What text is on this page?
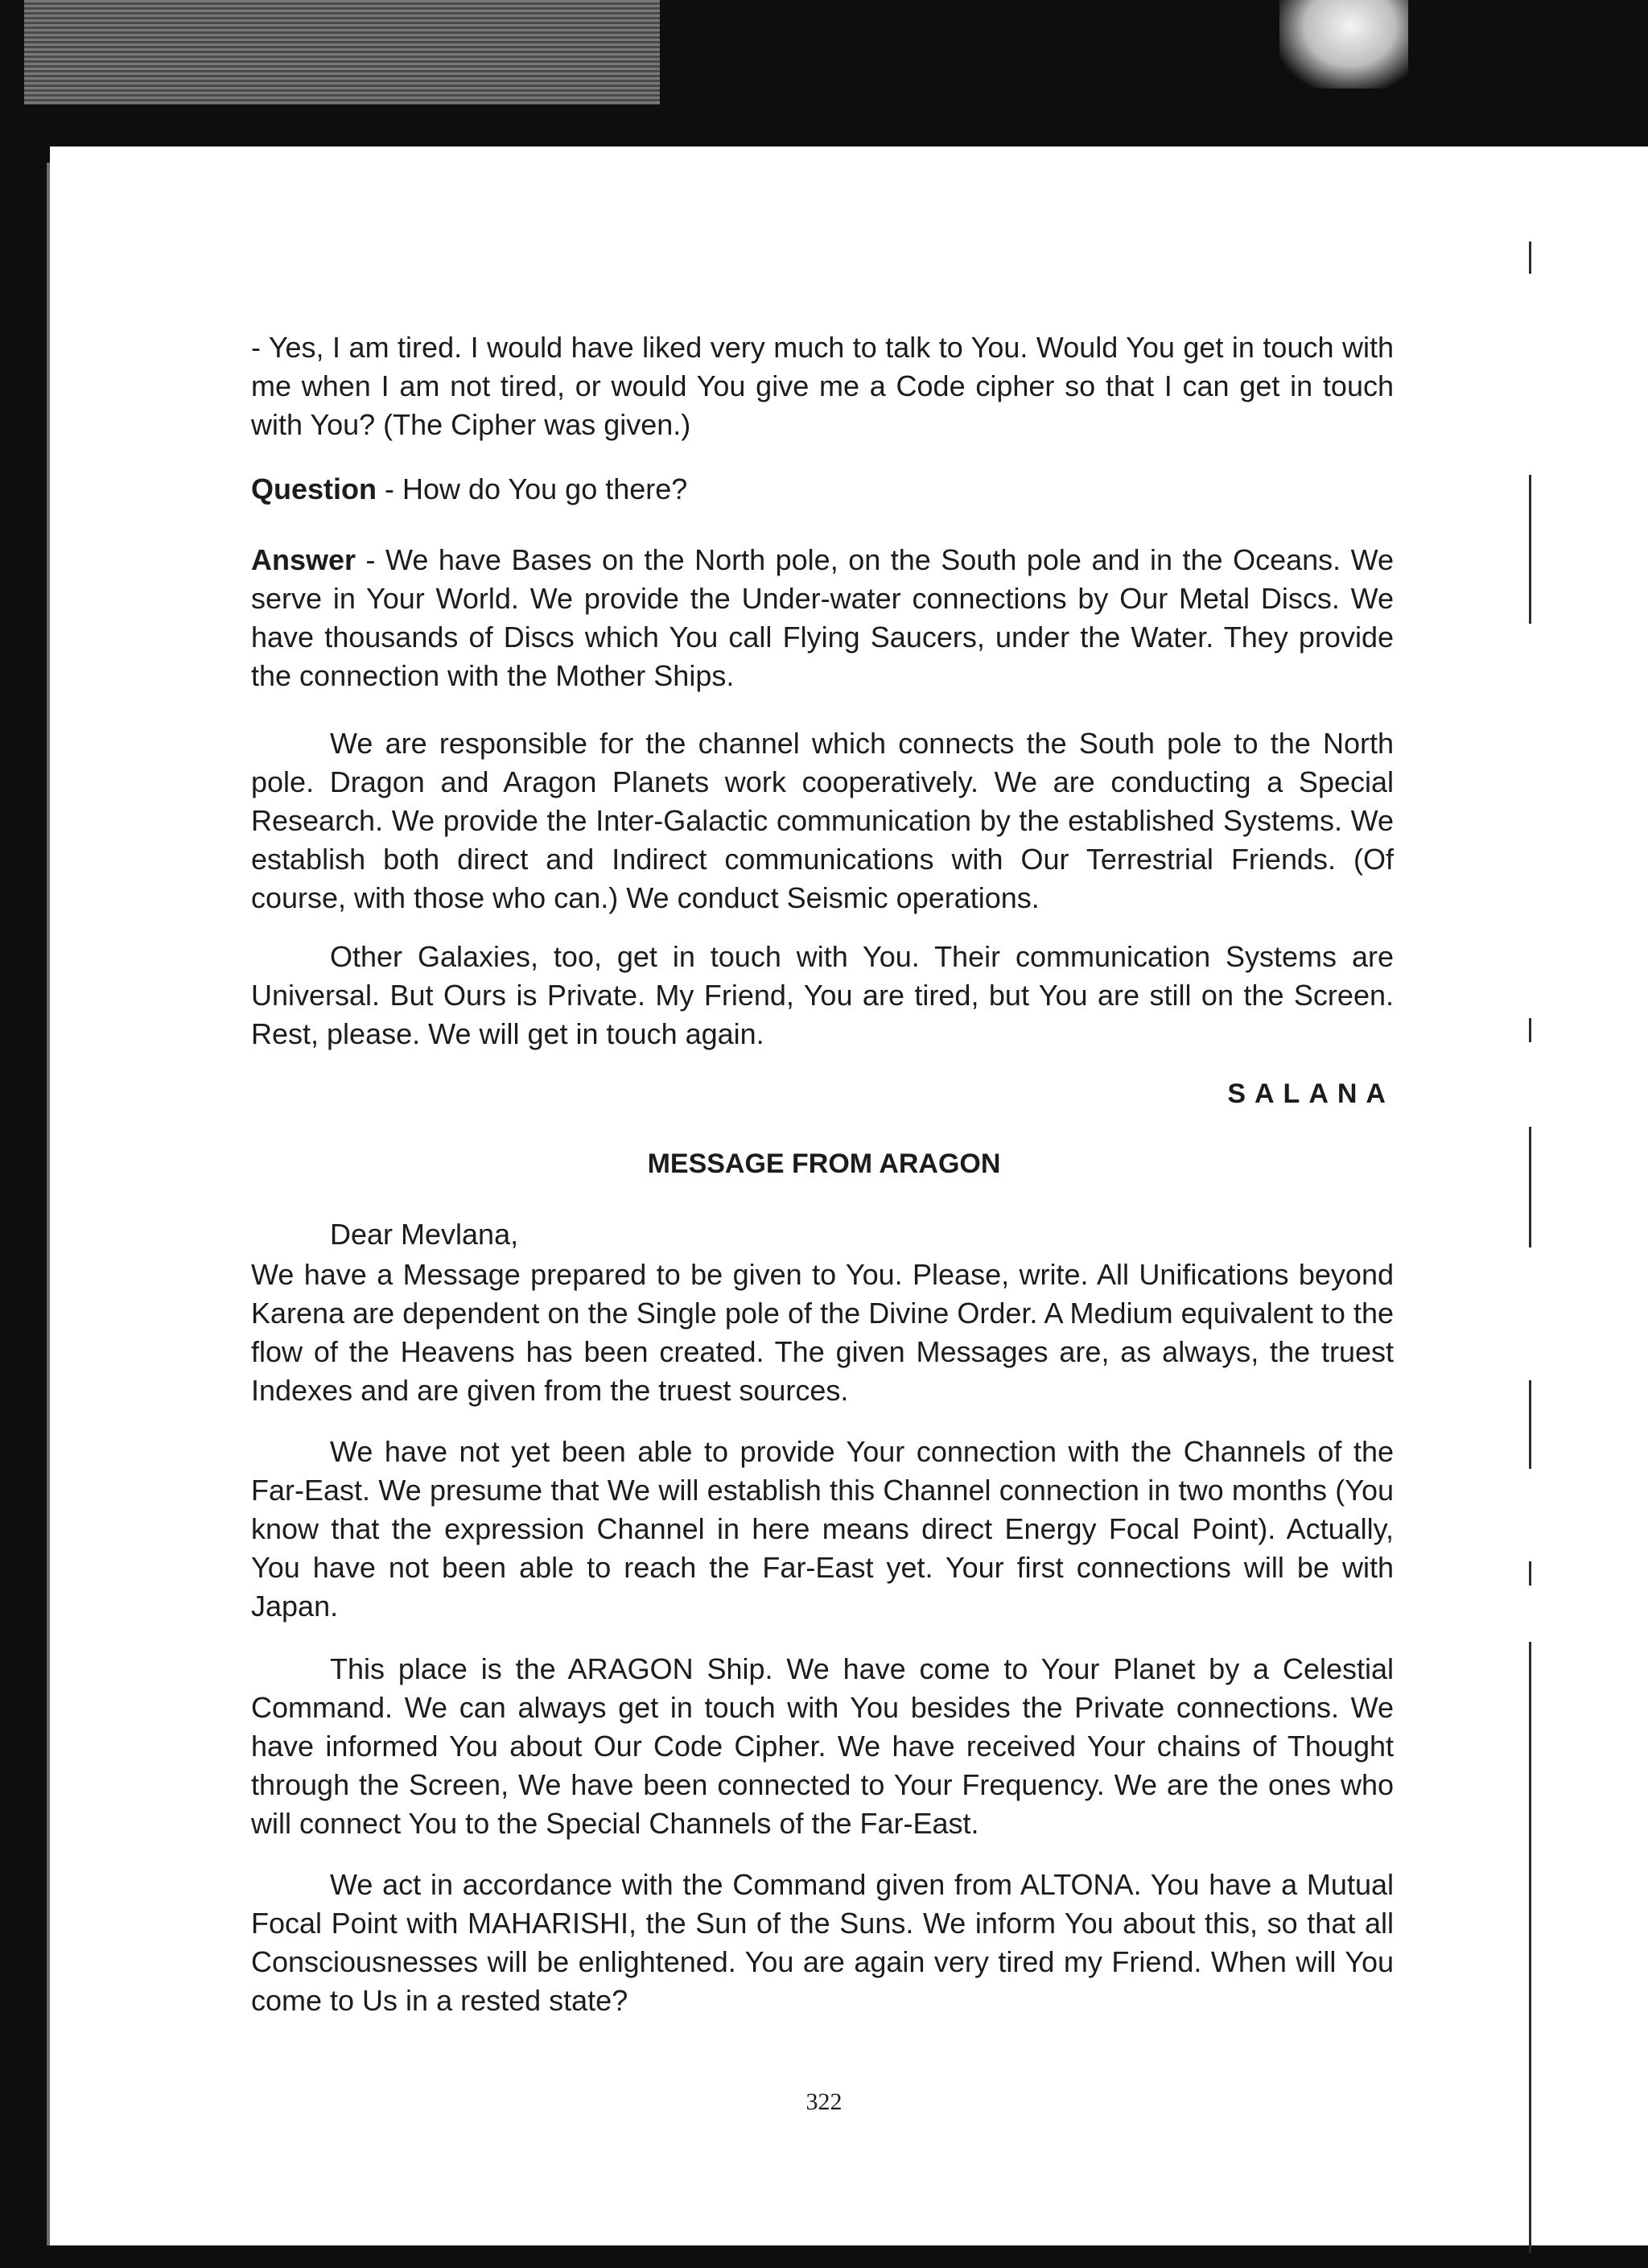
- Yes, I am tired. I would have liked very much to talk to You. Would You get in touch with me when I am not tired, or would You give me a Code cipher so that I can get in touch with You? (The Cipher was given.)

Question - How do You go there?

Answer - We have Bases on the North pole, on the South pole and in the Oceans. We serve in Your World. We provide the Under-water connections by Our Metal Discs. We have thousands of Discs which You call Flying Saucers, under the Water. They provide the connection with the Mother Ships.

We are responsible for the channel which connects the South pole to the North pole. Dragon and Aragon Planets work cooperatively. We are conducting a Special Research. We provide the Inter-Galactic communication by the established Systems. We establish both direct and Indirect communications with Our Terrestrial Friends. (Of course, with those who can.) We conduct Seismic operations.

Other Galaxies, too, get in touch with You. Their communication Systems are Universal. But Ours is Private. My Friend, You are tired, but You are still on the Screen. Rest, please. We will get in touch again.

SALANA
MESSAGE FROM ARAGON

Dear Mevlana,

We have a Message prepared to be given to You. Please, write. All Unifications beyond Karena are dependent on the Single pole of the Divine Order. A Medium equivalent to the flow of the Heavens has been created. The given Messages are, as always, the truest Indexes and are given from the truest sources.

We have not yet been able to provide Your connection with the Channels of the Far-East. We presume that We will establish this Channel connection in two months (You know that the expression Channel in here means direct Energy Focal Point). Actually, You have not been able to reach the Far-East yet. Your first connections will be with Japan.

This place is the ARAGON Ship. We have come to Your Planet by a Celestial Command. We can always get in touch with You besides the Private connections. We have informed You about Our Code Cipher. We have received Your chains of Thought through the Screen, We have been connected to Your Frequency. We are the ones who will connect You to the Special Channels of the Far-East.

We act in accordance with the Command given from ALTONA. You have a Mutual Focal Point with MAHARISHI, the Sun of the Suns. We inform You about this, so that all Consciousnesses will be enlightened. You are again very tired my Friend. When will You come to Us in a rested state?

322
